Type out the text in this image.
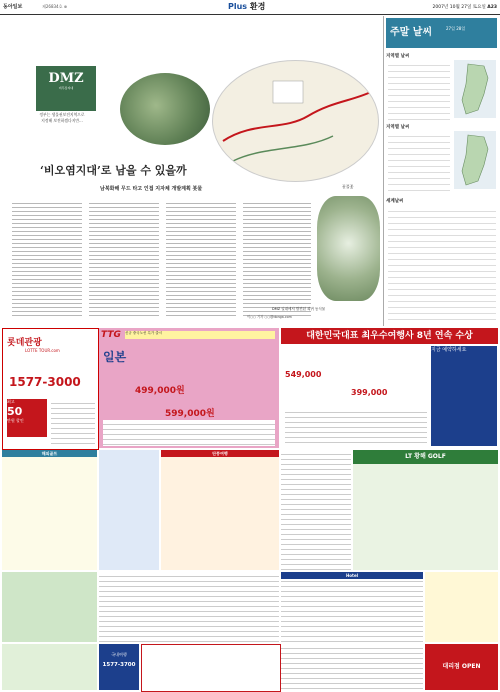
동아일보	제26834호 ⊕	Plus 환경	2007년 10월 27일 토요일 A23
DMZ
비무장지대
정부는 생물권보전지역으로
지정해 보전하겠다지만…
DMZ 생태 분포도
‘비오염지대’로 남을 수 있을까
남북화해 무드 타고 인접 지자체 개발계획 봇물	꿀풀꽃
DMZ 일대에서 발견된 희귀 동식물
이○○ 기자 ○○@donga.com
주말 날씨	27일 28일
지역별 날씨
지역별 날씨
세계날씨
롯데관광
LOTTE TOUR.com
1577-3000
최고
50
만원 할인
TTG 신규 중국노선 특가 출시
일본
499,000원
599,000원
대한민국대표 최우수여행사 8년 연속 수상
549,000
399,000
지금 예약하세요
해외골프	단풍여행	LT 황해 GOLF
Hotel
국내여행
1577-3700	대리점 OPEN
